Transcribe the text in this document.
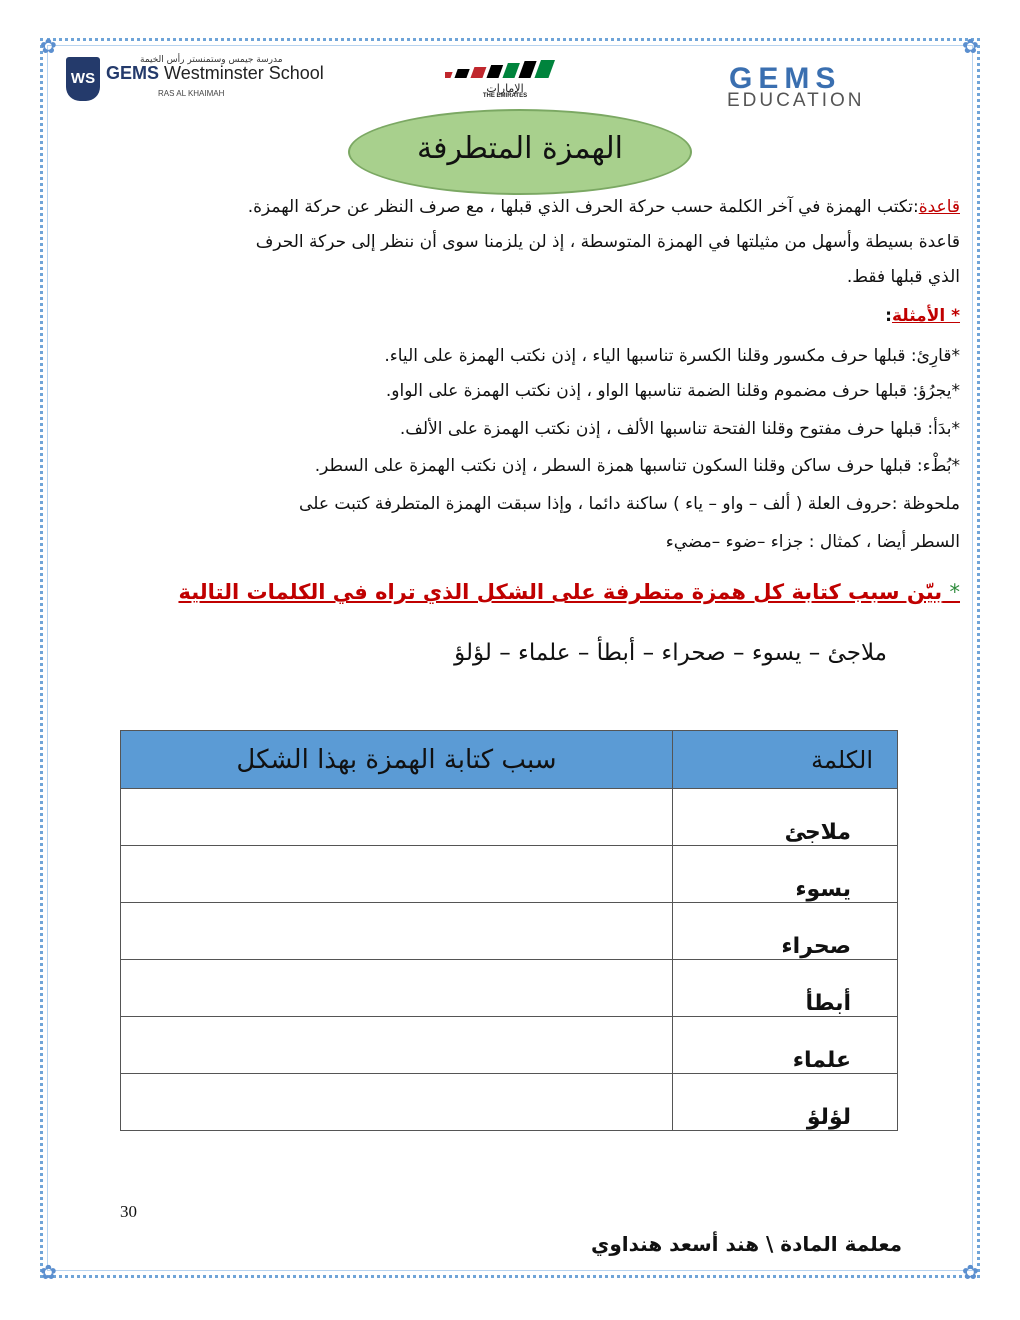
✿	✿
✿	✿
WS
مدرسة جيمس وستمنستر رأس الخيمة
GEMS Westminster School
RAS AL KHAIMAH	الإمارات
THE EMIRATES
GEMS
EDUCATION
الهمزة المتطرفة
قاعدة:تكتب الهمزة في آخر الكلمة حسب حركة الحرف الذي قبلها ، مع صرف النظر عن حركة الهمزة.
قاعدة بسيطة وأسهل من مثيلتها في الهمزة المتوسطة ، إذ لن يلزمنا سوى أن ننظر إلى حركة الحرف
الذي قبلها فقط.
* الأمثلة:
*قارِئ: قبلها حرف مكسور وقلنا الكسرة تناسبها الياء ، إذن نكتب الهمزة على الياء.
*يجرُؤ: قبلها حرف مضموم وقلنا الضمة تناسبها الواو ، إذن نكتب الهمزة على الواو.
*بدَأ: قبلها حرف مفتوح وقلنا الفتحة تناسبها الألف ، إذن نكتب الهمزة على الألف.
*بُطْء: قبلها حرف ساكن وقلنا السكون تناسبها همزة السطر ، إذن نكتب الهمزة على السطر.
ملحوظة :حروف العلة ( ألف – واو – ياء ) ساكنة دائما ، وإذا سبقت الهمزة المتطرفة كتبت على
السطر أيضا ، كمثال : جزاء –ضوء –مضيء
* بيّن سبب كتابة كل همزة متطرفة على الشكل الذي تراه في الكلمات التالية
ملاجئ – يسوء – صحراء – أبطأ – علماء – لؤلؤ
الكلمة	سبب كتابة الهمزة بهذا الشكل
ملاجئ	
يسوء	
صحراء	
أبطأ	
علماء	
لؤلؤ	
30
معلمة المادة \ هند أسعد هنداوي
